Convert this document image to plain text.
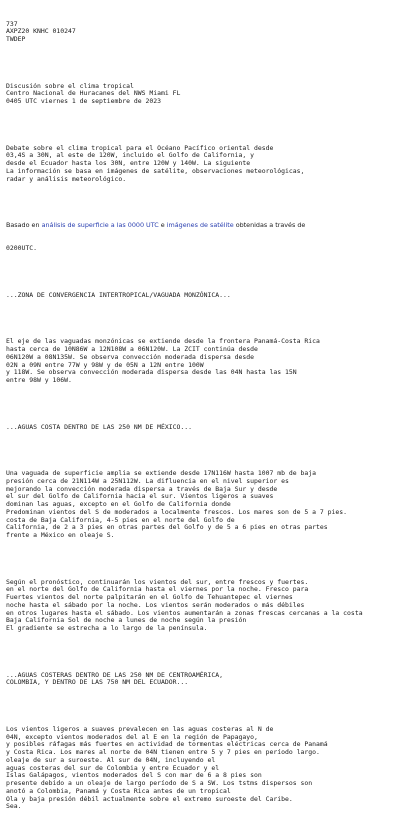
737
AXPZ20 KNHC 010247
TWDEP

Discusión sobre el clima tropical
Centro Nacional de Huracanes del NWS Miami FL
0405 UTC viernes 1 de septiembre de 2023

Debate sobre el clima tropical para el Océano Pacífico oriental desde
03,4S a 30N, al este de 120W, incluido el Golfo de California, y
desde el Ecuador hasta los 30N, entre 120W y 140W. La siguiente
La información se basa en imágenes de satélite, observaciones meteorológicas,
radar y análisis meteorológico.

Basado en análisis de superficie a las 0000 UTC e imágenes de satélite obtenidas a través de

0200UTC.

...ZONA DE CONVERGENCIA INTERTROPICAL/VAGUADA MONZÓNICA...

El eje de las vaguadas monzónicas se extiende desde la frontera Panamá-Costa Rica
hasta cerca de 10N86W a 12N108W a 06N120W. La ZCIT continúa desde
06N120W a 08N135W. Se observa convección moderada dispersa desde
02N a 09N entre 77W y 98W y de 05N a 12N entre 100W
y 118W. Se observa convección moderada dispersa desde las 04N hasta las 15N
entre 98W y 106W.

...AGUAS COSTA DENTRO DE LAS 250 NM DE MÉXICO...

Una vaguada de superficie amplia se extiende desde 17N116W hasta 1007 mb de baja
presión cerca de 21N114W a 25N112W. La difluencia en el nivel superior es
mejorando la convección moderada dispersa a través de Baja Sur y desde
el sur del Golfo de California hacia el sur. Vientos ligeros a suaves
dominan las aguas, excepto en el Golfo de California donde
Predominan vientos del S de moderados a localmente frescos. Los mares son de 5 a 7 pies.
costa de Baja California, 4-5 pies en el norte del Golfo de
California, de 2 a 3 pies en otras partes del Golfo y de 5 a 6 pies en otras partes
frente a México en oleaje S.

Según el pronóstico, continuarán los vientos del sur, entre frescos y fuertes.
en el norte del Golfo de California hasta el viernes por la noche. Fresco para
Fuertes vientos del norte palpitarán en el Golfo de Tehuantepec el viernes
noche hasta el sábado por la noche. Los vientos serán moderados o más débiles
en otros lugares hasta el sábado. Los vientos aumentarán a zonas frescas cercanas a la costa
Baja California Sol de noche a lunes de noche según la presión
El gradiente se estrecha a lo largo de la península.

...AGUAS COSTERAS DENTRO DE LAS 250 NM DE CENTROAMÉRICA,
COLOMBIA, Y DENTRO DE LAS 750 NM DEL ECUADOR...

Los vientos ligeros a suaves prevalecen en las aguas costeras al N de
04N, excepto vientos moderados del al E en la región de Papagayo,
y posibles ráfagas más fuertes en actividad de tormentas eléctricas cerca de Panamá
y Costa Rica. Los mares al norte de 04N tienen entre 5 y 7 pies en período largo.
oleaje de sur a suroeste. Al sur de 04N, incluyendo el
aguas costeras del sur de Colombia y entre Ecuador y el
Islas Galápagos, vientos moderados del S con mar de 6 a 8 pies son
presente debido a un oleaje de largo período de S a SW. Los tstms dispersos son
anotó a Colombia, Panamá y Costa Rica antes de un tropical
Ola y baja presión débil actualmente sobre el extremo suroeste del Caribe.
Sea.
